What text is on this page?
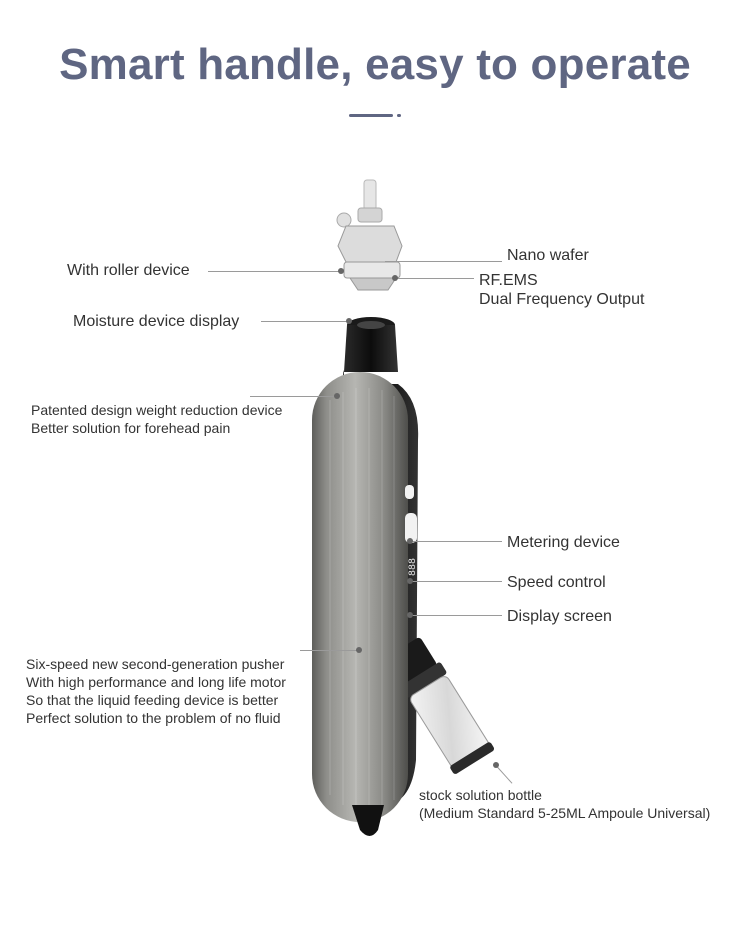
Smart handle, easy to operate
888
Nano wafer
With roller device
RF.EMS
Dual Frequency Output
Moisture device display
Patented design weight reduction device
Better solution for forehead pain
Metering device
Speed control
Display screen
Six-speed new second-generation pusher
With high performance and long life motor
So that the liquid feeding device is better
Perfect solution to the problem of no fluid
stock solution bottle
(Medium Standard 5-25ML Ampoule Universal)
